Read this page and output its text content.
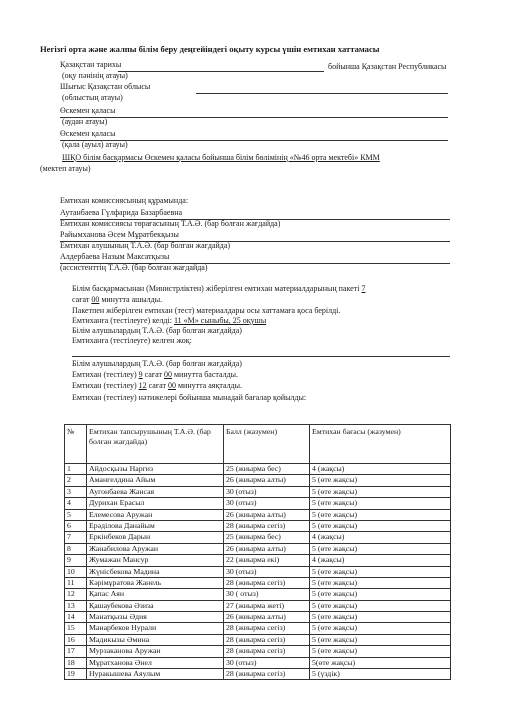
Негізгі орта және жалпы білім беру деңгейіндегі оқыту курсы үшін емтихан хаттамасы
Қазақстан тарихы	бойынша Қазақстан Республикасы
(оқу пәнінің атауы)
Шығыс Қазақстан облысы
(облыстың атауы)
Өскемен қаласы
(аудан атауы)
Өскемен қаласы
(қала (ауыл) атауы)
ШҚО білім басқармасы Өскемен қаласы бойынша білім бөлімінің «№46 орта мектебі» КММ
(мектеп атауы)
Емтихан комиссиясының құрамында:
Аутанбаева Гүлфарида Базарбаевна
Емтихан комиссиясы төрағасының Т.А.Ә. (бар болған жағдайда)
Райымханова Әсем Мұратбекқызы
Емтихан алушының Т.А.Ә. (бар болған жағдайда)
Алдербаева Назым Максатқызы
(ассистенттің Т.А.Ә. (бар болған жағдайда)
Білім басқармасынан (Министрліктен) жіберілген емтихан материалдарының пакеті 7
сағат 00 минутта ашылды.
Пакетпен жіберілген емтихан (тест) материалдары осы хаттамаға қоса берілді.
Емтиханға (тестілеуге) келді: 11 «М» сыныбы, 25 оқушы
Білім алушылардың Т.А.Ә. (бар болған жағдайда)
Емтиханға (тестілеуге) келген жоқ:
Білім алушылардың Т.А.Ә. (бар болған жағдайда)
Емтихан (тестілеу) 9 сағат 00 минутта басталды.
Емтихан (тестілеу) 12 сағат 00 минутта аяқталды.
Емтихан (тестілеу) нәтижелері бойынша мынадай бағалар қойылды:
№	Емтихан тапсырушының Т.А.Ә. (бар болған жағдайда)	Балл (жазумен)	Емтихан бағасы (жазумен)
1	Айдосқызы Наргиз	25 (жиырма бес)	4 (жақсы)
2	Амангелдина Айым	26 (жиырма алты)	5 (өте жақсы)
3	Аугонбаева Жансая	30 (отыз)	5 (өте жақсы)
4	Дурихан Ерасыл	30 (отыз)	5 (өте жақсы)
5	Елемесова Аружан	26 (жиырма алты)	5 (өте жақсы)
6	Ерәділова Данайым	28 (жиырма сегіз)	5 (өте жақсы)
7	Еркінбеков Дарын	25 (жиырма бес)	4 (жақсы)
8	Жанабилова Аружан	26 (жиырма алты)	5 (өте жақсы)
9	Жумажан Мансур	22 (жиырма екі)	4 (жақсы)
10	Жүнісбекова Мадина	30 (отыз)	5 (өте жақсы)
11	Кәрімұратова Жанель	28 (жиырма сегіз)	5 (өте жақсы)
12	Қапас Аян	30 ( отыз)	5 (өте жақсы)
13	Қашаубекова Әзиза	27 (жиырма жеті)	5 (өте жақсы)
14	Манатқызы Әдия	26 (жиырма алты)	5 (өте жақсы)
15	Манарбеков Нурали	28 (жиырма сегіз)	5 (өте жақсы)
16	Мадикызы Әмина	28 (жиырма сегіз)	5 (өте жақсы)
17	Мурзаканова Аружан	28 (жиырма сегіз)	5 (өте жақсы)
18	Мұратханова Әнел	30 (отыз)	5(өте жақсы)
19	Нуракышева Аяулым	28 (жиырма сегіз)	5 (үздік)
